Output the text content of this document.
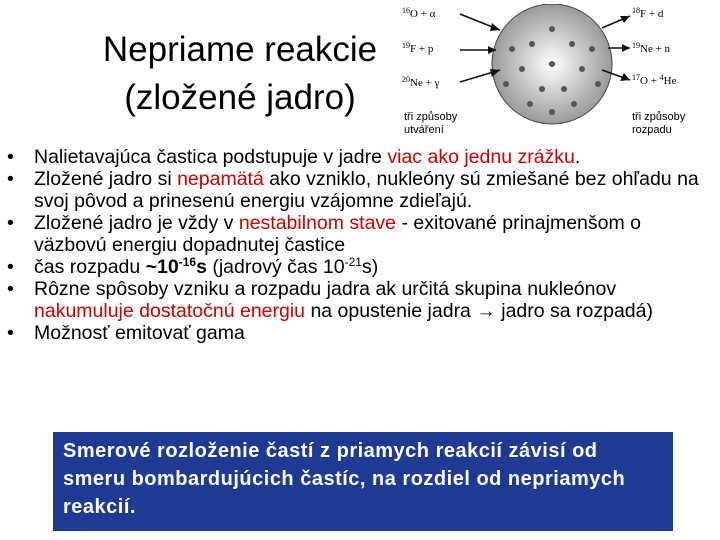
Nepriame reakcie
(zložené jadro)
$^{16}$O + α
$^{19}$F + p
$^{20}$Ne + γ
$^{18}$F + d
$^{19}$Ne + n
$^{17}$O + $^4$He
tři způsoby
utváření
tři způsoby
rozpadu
• Nalietavajúca častica podstupuje v jadre viac ako jednu zrážku.
• Zložené jadro si nepamätá ako vzniklo, nukleóny sú zmiešané bez ohľadu na svoj pôvod a prinesenú energiu vzájomne zdieľajú.
• Zložené jadro je vždy v nestabilnom stave - exitované prinajmenšom o väzbovú energiu dopadnutej častice
• čas rozpadu $\sim 10^{-16}s$ (jadrový čas $10^{-21}s$)
• Rôzne spôsoby vzniku a rozpadu jadra ak určitá skupina nukleónov nakumuluje dostatočnú energiu na opustenie jadra → jadro sa rozpadá)
• Možnosť emitovať gama
Smerové rozloženie častí z priamych reakcií závisí od smeru bombardujúcich častíc, na rozdiel od nepriamych reakcií.
